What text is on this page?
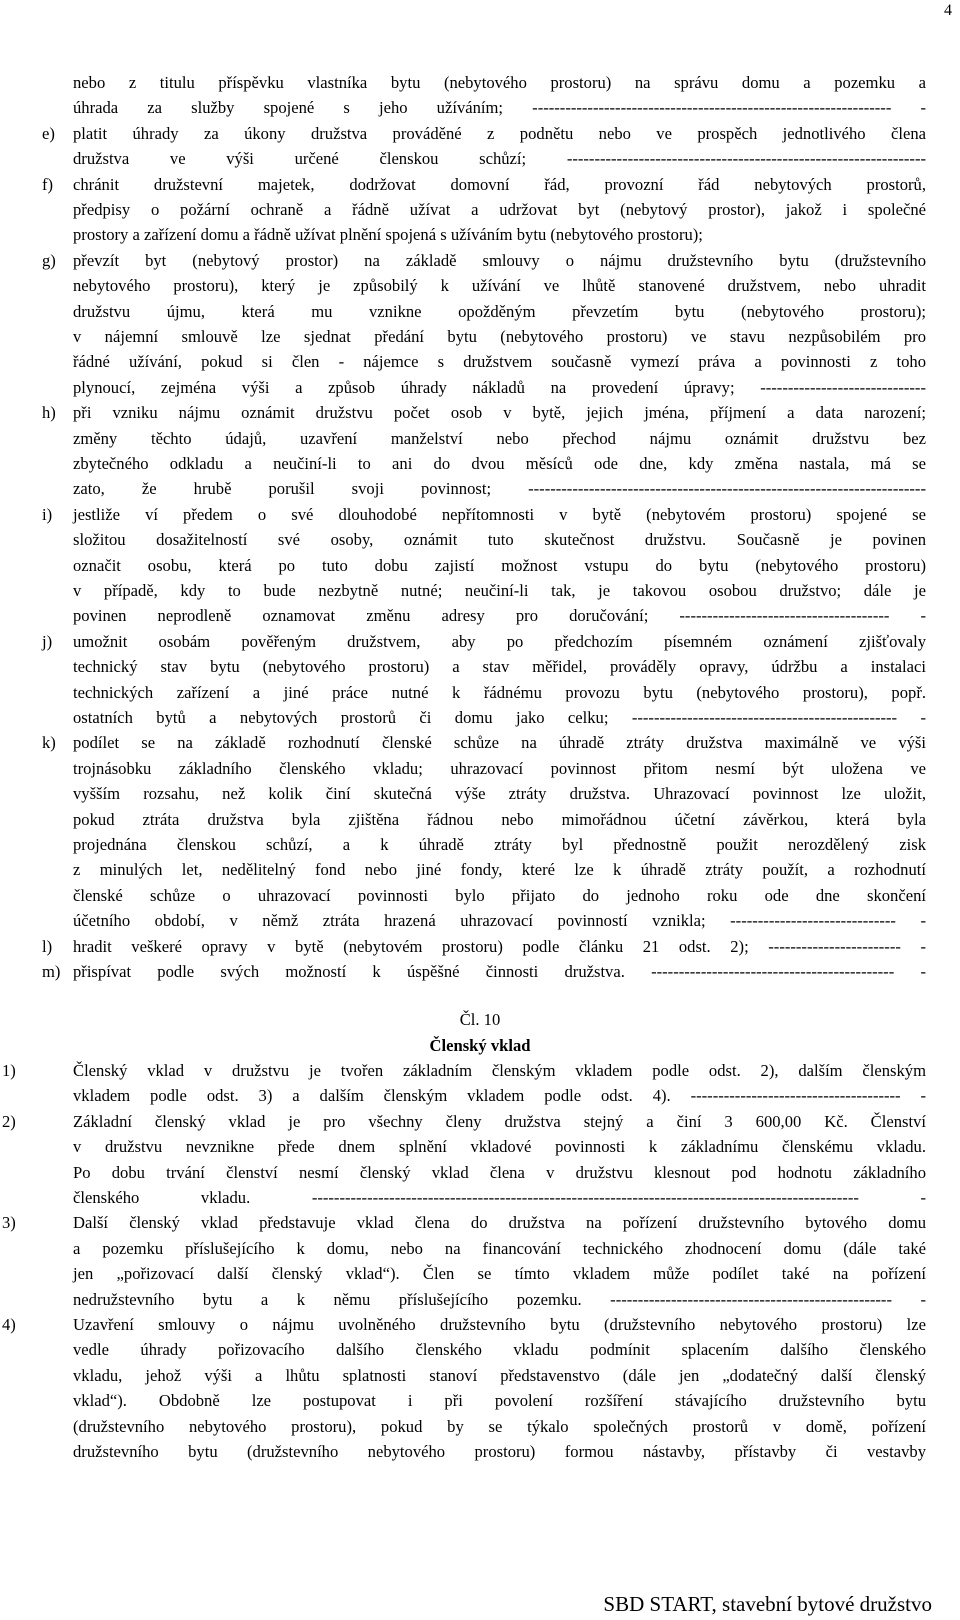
4
nebo z titulu příspěvku vlastníka bytu (nebytového prostoru) na správu domu a pozemku a
úhrada za služby spojené s jeho užíváním; ----------------------------------------------------------------- -
e) platit úhrady za úkony družstva prováděné z podnětu nebo ve prospěch jednotlivého člena
družstva ve výši určené členskou schůzí; -----------------------------------------------------------------
f) chránit družstevní majetek, dodržovat domovní řád, provozní řád nebytových prostorů,
předpisy o požární ochraně a řádně užívat a udržovat byt (nebytový prostor), jakož i společné
prostory a zařízení domu a řádně užívat plnění spojená s užíváním bytu (nebytového prostoru);
g) převzít byt (nebytový prostor) na základě smlouvy o nájmu družstevního bytu (družstevního
nebytového prostoru), který je způsobilý k užívání ve lhůtě stanovené družstvem, nebo uhradit
družstvu újmu, která mu vznikne opožděným převzetím bytu (nebytového prostoru);
v nájemní smlouvě lze sjednat předání bytu (nebytového prostoru) ve stavu nezpůsobilém pro
řádné užívání, pokud si člen - nájemce s družstvem současně vymezí práva a povinnosti z toho
plynoucí, zejména výši a způsob úhrady nákladů na provedení úpravy; ------------------------------
h) při vzniku nájmu oznámit družstvu počet osob v bytě, jejich jména, příjmení a data narození;
změny těchto údajů, uzavření manželství nebo přechod nájmu oznámit družstvu bez
zbytečného odkladu a neučiní-li to ani do dvou měsíců ode dne, kdy změna nastala, má se
zato, že hrubě porušil svoji povinnost; ------------------------------------------------------------------------
i) jestliže ví předem o své dlouhodobé nepřítomnosti v bytě (nebytovém prostoru) spojené se
složitou dosažitelností své osoby, oznámit tuto skutečnost družstvu. Současně je povinen
označit osobu, která po tuto dobu zajistí možnost vstupu do bytu (nebytového prostoru)
v případě, kdy to bude nezbytně nutné; neučiní-li tak, je takovou osobou družstvo; dále je
povinen neprodleně oznamovat změnu adresy pro doručování; -------------------------------------- -
j) umožnit osobám pověřeným družstvem, aby po předchozím písemném oznámení zjišťovaly
technický stav bytu (nebytového prostoru) a stav měřidel, prováděly opravy, údržbu a instalaci
technických zařízení a jiné práce nutné k řádnému provozu bytu (nebytového prostoru), popř.
ostatních bytů a nebytových prostorů či domu jako celku; ------------------------------------------------ -
k) podílet se na základě rozhodnutí členské schůze na úhradě ztráty družstva maximálně ve výši
trojnásobku základního členského vkladu; uhrazovací povinnost přitom nesmí být uložena ve
vyšším rozsahu, než kolik činí skutečná výše ztráty družstva. Uhrazovací povinnost lze uložit,
pokud ztráta družstva byla zjištěna řádnou nebo mimořádnou účetní závěrkou, která byla
projednána členskou schůzí, a k úhradě ztráty byl přednostně použit nerozdělený zisk
z minulých let, nedělitelný fond nebo jiné fondy, které lze k úhradě ztráty použít, a rozhodnutí
členské schůze o uhrazovací povinnosti bylo přijato do jednoho roku ode dne skončení
účetního období, v němž ztráta hrazená uhrazovací povinností vznikla; ------------------------------ -
l) hradit veškeré opravy v bytě (nebytovém prostoru) podle článku 21 odst. 2); ------------------------ -
m) přispívat podle svých možností k úspěšné činnosti družstva. -------------------------------------------- -
Čl. 10
Členský vklad
1)	Členský vklad v družstvu je tvořen základním členským vkladem podle odst. 2), dalším členským
vkladem podle odst. 3) a dalším členským vkladem podle odst. 4). -------------------------------------- -
2)	Základní členský vklad je pro všechny členy družstva stejný a činí 3 600,00 Kč. Členství
v družstvu nevznikne přede dnem splnění vkladové povinnosti k základnímu členskému vkladu.
Po dobu trvání členství nesmí členský vklad člena v družstvu klesnout pod hodnotu základního
členského vkladu. --------------------------------------------------------------------------------------------------- -
3)	Další členský vklad představuje vklad člena do družstva na pořízení družstevního bytového domu
a pozemku příslušejícího k domu, nebo na financování technického zhodnocení domu (dále také
jen „pořizovací další členský vklad“). Člen se tímto vkladem může podílet také na pořízení
nedružstevního bytu a k němu příslušejícího pozemku. --------------------------------------------------- -
4)	Uzavření smlouvy o nájmu uvolněného družstevního bytu (družstevního nebytového prostoru) lze
vedle úhrady pořizovacího dalšího členského vkladu podmínit splacením dalšího členského
vkladu, jehož výši a lhůtu splatnosti stanoví představenstvo (dále jen „dodatečný další členský
vklad“). Obdobně lze postupovat i při povolení rozšíření stávajícího družstevního bytu
(družstevního nebytového prostoru), pokud by se týkalo společných prostorů v domě, pořízení
družstevního bytu (družstevního nebytového prostoru) formou nástavby, přístavby či vestavby
SBD START, stavební bytové družstvo
